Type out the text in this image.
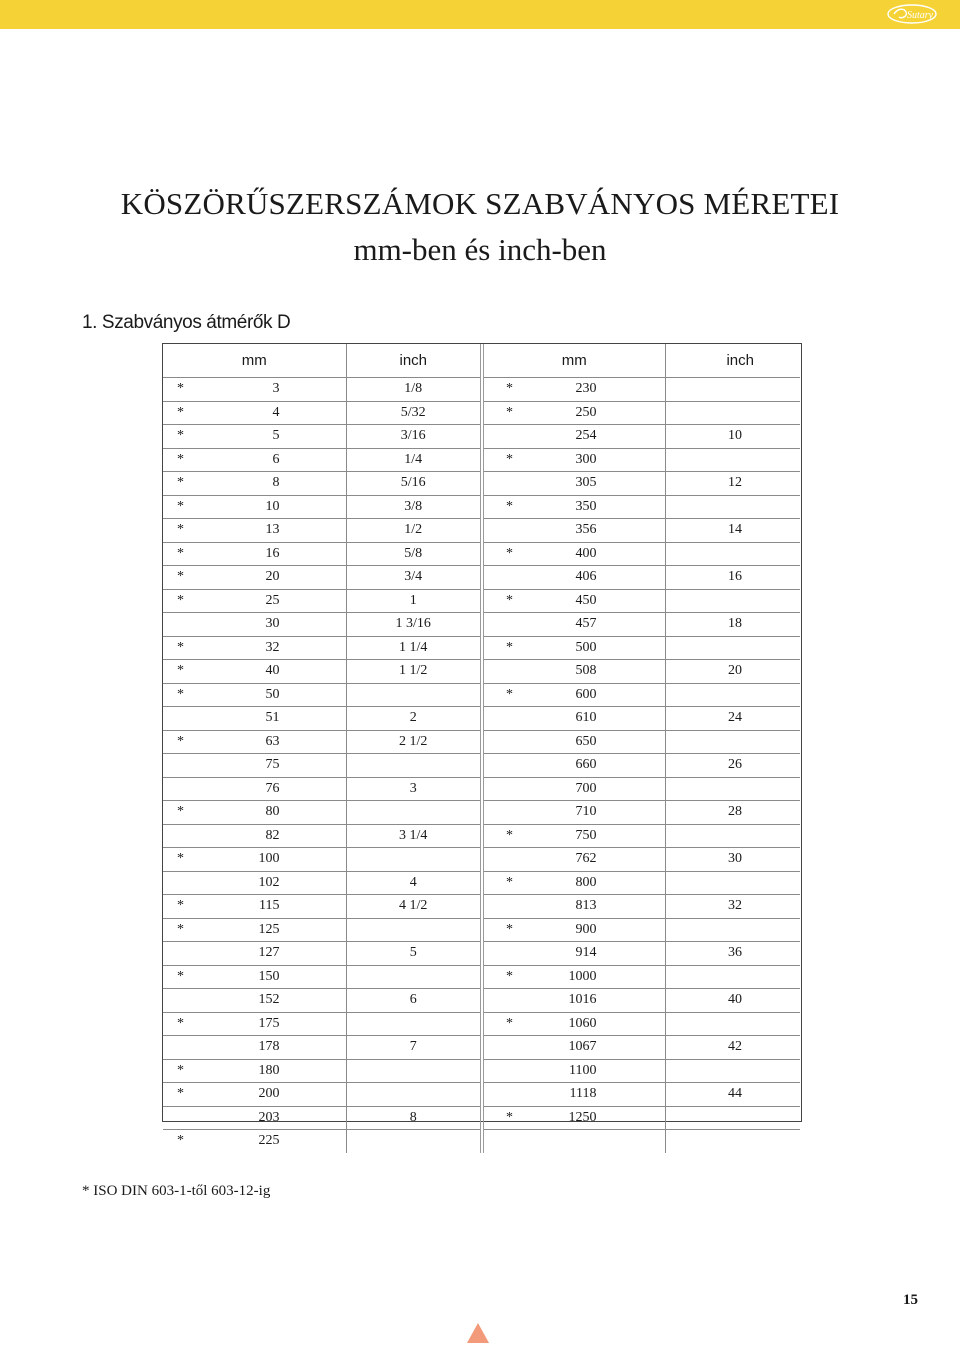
Sutary
KÖSZÖRŰSZERSZÁMOK SZABVÁNYOS MÉRETEI
mm-ben és inch-ben
1. Szabványos átmérők D
mm	inch	mm	inch

* 3	1/8	* 230	

* 4	5/32	* 250	

* 5	3/16	254	10

* 6	1/4	* 300	

* 8	5/16	305	12

* 10	3/8	* 350	

* 13	1/2	356	14

* 16	5/8	* 400	

* 20	3/4	406	16

* 25	1	* 450	

30	1 3/16	457	18

* 32	1 1/4	* 500	

* 40	1 1/2	508	20

* 50		* 600	

51	2	610	24

* 63	2 1/2	650	

75		660	26

76	3	700	

* 80		710	28

82	3 1/4	* 750	

* 100		762	30

102	4	* 800	

* 115	4 1/2	813	32

* 125		* 900	

127	5	914	36

* 150		* 1000	

152	6	1016	40

* 175		* 1060	

178	7	1067	42

* 180		1100	

* 200		1118	44

203	8	* 1250	

* 225			

* ISO DIN 603-1-től 603-12-ig
15
